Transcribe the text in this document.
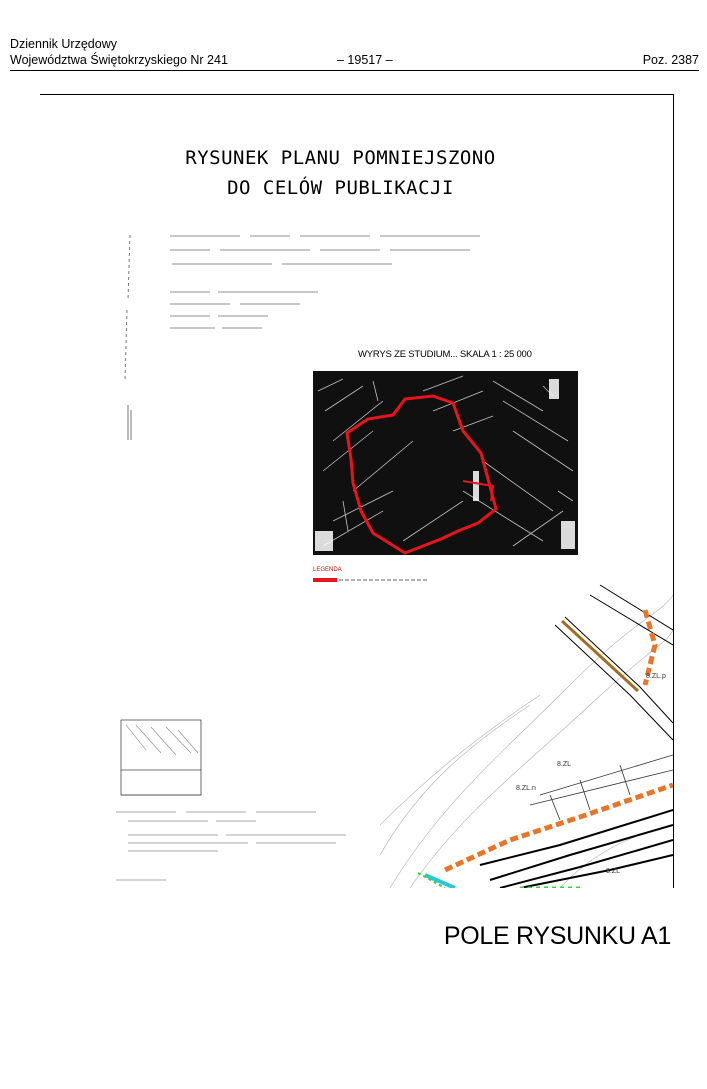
Dziennik Urzędowy
Województwa Świętokrzyskiego Nr 241	– 19517 –	Poz. 2387
RYSUNEK PLANU POMNIEJSZONO
DO CELÓW PUBLIKACJI
WYRYS ZE STUDIUM... SKALA 1 : 25 000
LEGENDA
8.ZL.p
8.ZL
8.ZL.n
8.ZL
POLE RYSUNKU A1
